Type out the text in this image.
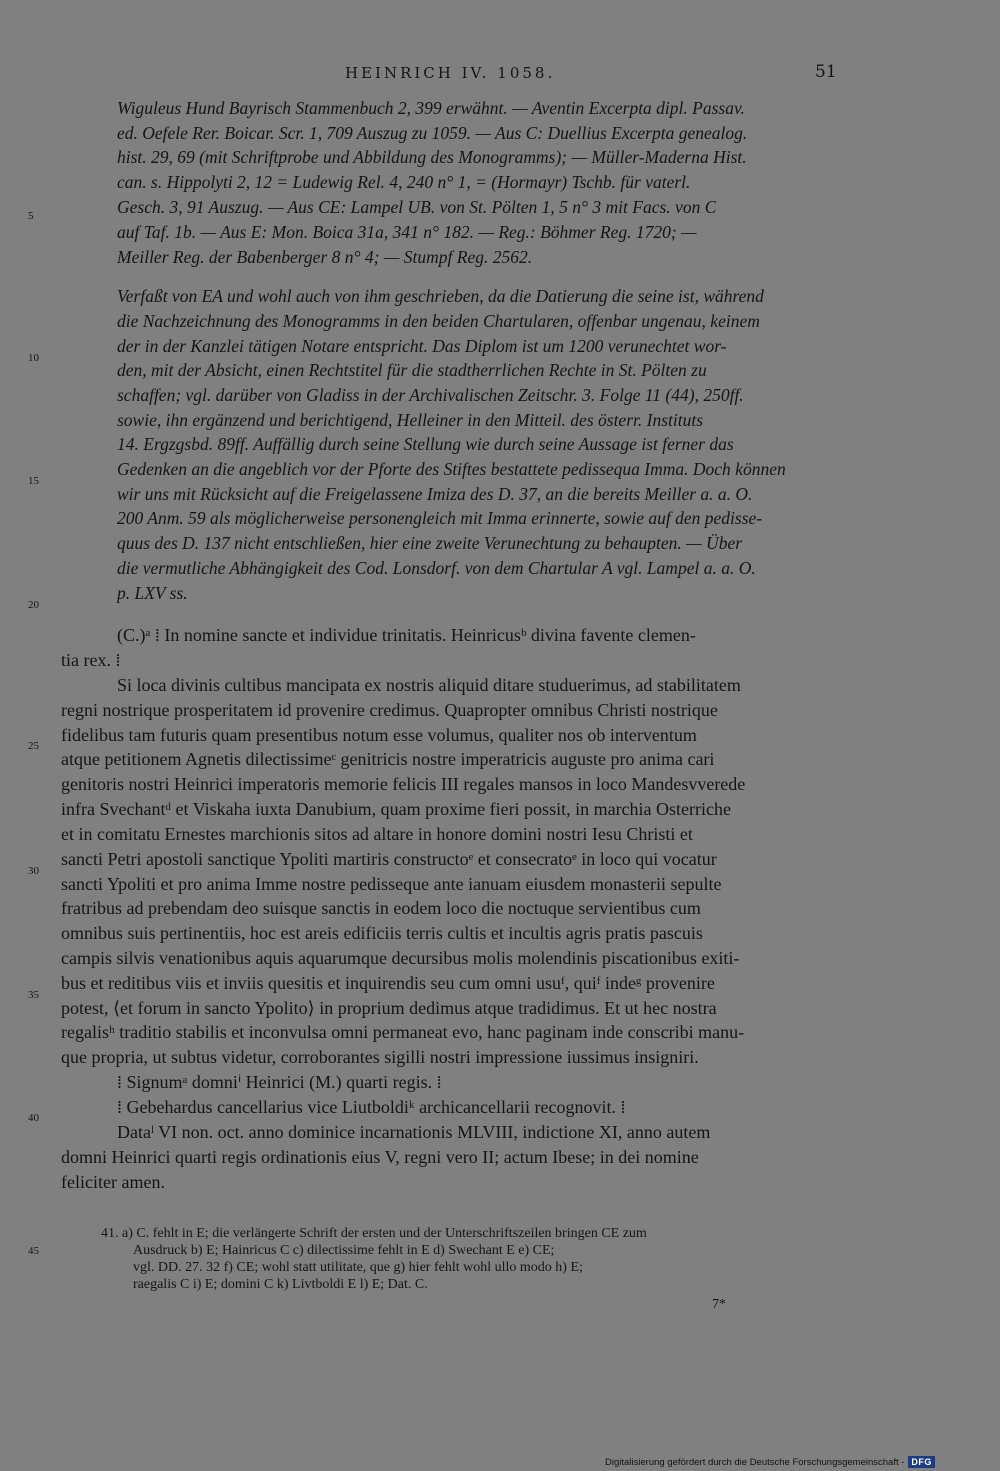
HEINRICH IV. 1058.	51
Wiguleus Hund Bayrisch Stammenbuch 2, 399 erwähnt. — Aventin Excerpta dipl. Passav.
ed. Oefele Rer. Boicar. Scr. 1, 709 Auszug zu 1059. — Aus C: Duellius Excerpta genealog.
hist. 29, 69 (mit Schriftprobe und Abbildung des Monogramms); — Müller-Maderna Hist.
can. s. Hippolyti 2, 12 = Ludewig Rel. 4, 240 n° 1, = (Hormayr) Tschb. für vaterl.
Gesch. 3, 91 Auszug. — Aus CE: Lampel UB. von St. Pölten 1, 5 n° 3 mit Facs. von C
auf Taf. 1b. — Aus E: Mon. Boica 31a, 341 n° 182. — Reg.: Böhmer Reg. 1720; —
Meiller Reg. der Babenberger 8 n° 4; — Stumpf Reg. 2562.
Verfaßt von EA und wohl auch von ihm geschrieben, da die Datierung die seine ist, während
die Nachzeichnung des Monogramms in den beiden Chartularen, offenbar ungenau, keinem
der in der Kanzlei tätigen Notare entspricht. Das Diplom ist um 1200 verunechtet wor-
den, mit der Absicht, einen Rechtstitel für die stadtherrlichen Rechte in St. Pölten zu
schaffen; vgl. darüber von Gladiss in der Archivalischen Zeitschr. 3. Folge 11 (44), 250ff.
sowie, ihn ergänzend und berichtigend, Helleiner in den Mitteil. des österr. Instituts
14. Ergzgsbd. 89ff. Auffällig durch seine Stellung wie durch seine Aussage ist ferner das
Gedenken an die angeblich vor der Pforte des Stiftes bestattete pedissequa Imma. Doch können
wir uns mit Rücksicht auf die Freigelassene Imiza des D. 37, an die bereits Meiller a. a. O.
200 Anm. 59 als möglicherweise personengleich mit Imma erinnerte, sowie auf den pedisse-
quus des D. 137 nicht entschließen, hier eine zweite Verunechtung zu behaupten. — Über
die vermutliche Abhängigkeit des Cod. Lonsdorf. von dem Chartular A vgl. Lampel a. a. O.
p. LXV ss.
(C.)ᵃ ⁞ In nomine sancte et individue trinitatis. Heinricusᵇ divina favente clemen-
tia rex. ⁞
Si loca divinis cultibus mancipata ex nostris aliquid ditare studuerimus, ad stabilitatem
regni nostrique prosperitatem id provenire credimus. Quapropter omnibus Christi nostrique
fidelibus tam futuris quam presentibus notum esse volumus, qualiter nos ob interventum
atque petitionem Agnetis dilectissimeᶜ genitricis nostre imperatricis auguste pro anima cari
genitoris nostri Heinrici imperatoris memorie felicis III regales mansos in loco Mandesvverede
infra Svechantᵈ et Viskaha iuxta Danubium, quam proxime fieri possit, in marchia Osterriche
et in comitatu Ernestes marchionis sitos ad altare in honore domini nostri Iesu Christi et
sancti Petri apostoli sanctique Ypoliti martiris constructoᵉ et consecratoᵉ in loco qui vocatur
sancti Ypoliti et pro anima Imme nostre pedisseque ante ianuam eiusdem monasterii sepulte
fratribus ad prebendam deo suisque sanctis in eodem loco die noctuque servientibus cum
omnibus suis pertinentiis, hoc est areis edificiis terris cultis et incultis agris pratis pascuis
campis silvis venationibus aquis aquarumque decursibus molis molendinis piscationibus exiti-
bus et reditibus viis et inviis quesitis et inquirendis seu cum omni usuᶠ, quiᶠ indeᵍ provenire
potest, ⟨et forum in sancto Ypolito⟩ in proprium dedimus atque tradidimus. Et ut hec nostra
regalisʰ traditio stabilis et inconvulsa omni permaneat evo, hanc paginam inde conscribi manu-
que propria, ut subtus videtur, corroborantes sigilli nostri impressione iussimus insigniri.
⁞ Signumᵃ domniⁱ Heinrici (M.) quarti regis. ⁞
⁞ Gebehardus cancellarius vice Liutboldiᵏ archicancellarii recognovit. ⁞
Dataˡ VI non. oct. anno dominice incarnationis MLVIII, indictione XI, anno autem
domni Heinrici quarti regis ordinationis eius V, regni vero II; actum Ibese; in dei nomine
feliciter amen.
41. a) C. fehlt in E; die verlängerte Schrift der ersten und der Unterschriftszeilen bringen CE zum
Ausdruck b) E; Hainricus C c) dilectissime fehlt in E d) Swechant E e) CE;
vgl. DD. 27. 32 f) CE; wohl statt utilitate, que g) hier fehlt wohl ullo modo h) E;
raegalis C i) E; domini C k) Livtboldi E l) E; Dat. C.
7*
5
10
15
20
25
30
35
40
45
Digitalisierung gefördert durch die Deutsche Forschungsgemeinschaft - DFG
